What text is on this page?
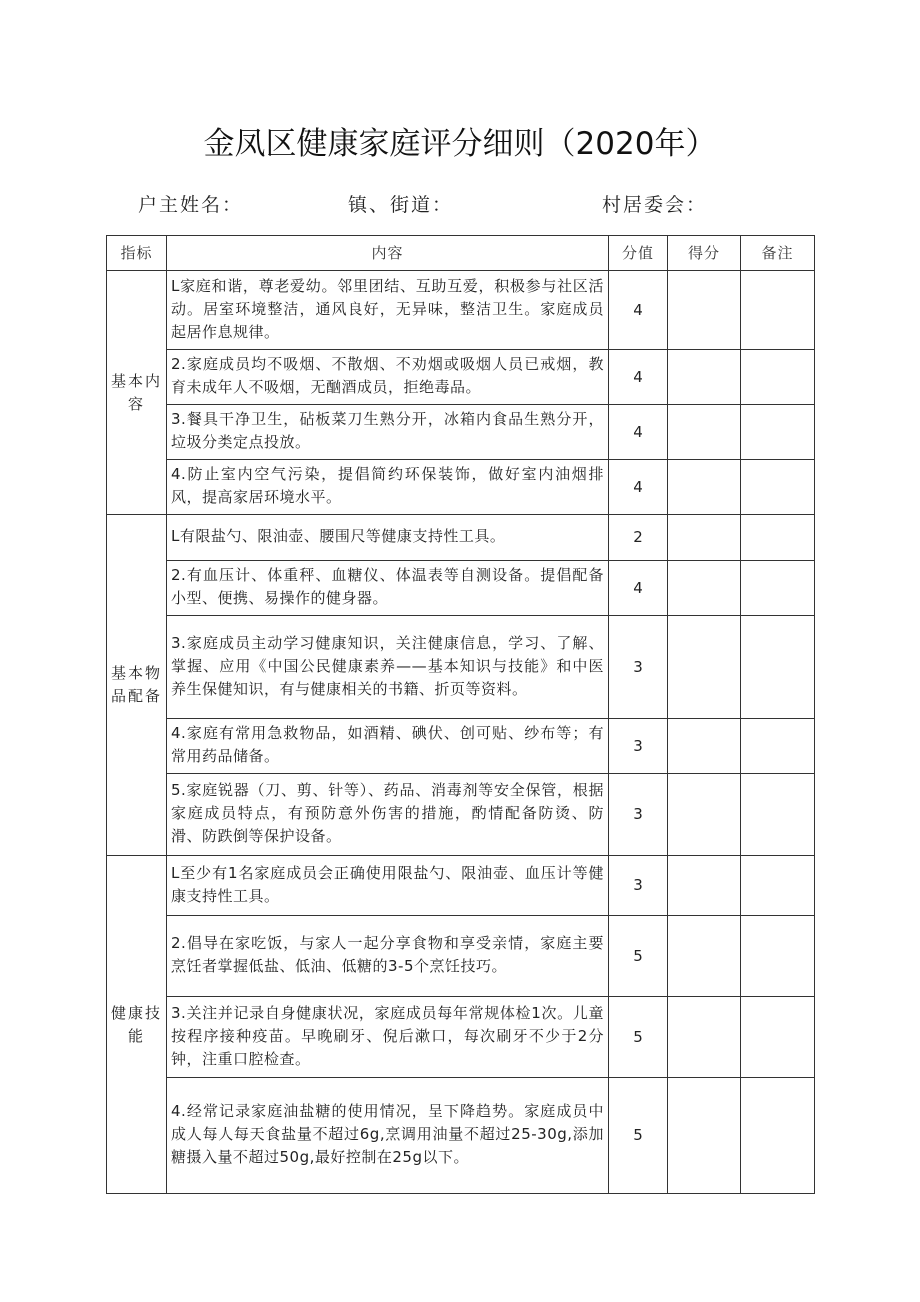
金凤区健康家庭评分细则（2020年）
户主姓名：	镇、街道：	村居委会：
指标	内容	分值	得分	备注
基本内容	L家庭和谐，尊老爱幼。邻里团结、互助互爱，积极参与社区活动。居室环境整洁，通风良好，无异味，整洁卫生。家庭成员起居作息规律。	4		
	2.家庭成员均不吸烟、不散烟、不劝烟或吸烟人员已戒烟，教育未成年人不吸烟，无酗酒成员，拒绝毒品。	4		
	3.餐具干净卫生，砧板菜刀生熟分开，冰箱内食品生熟分开，垃圾分类定点投放。	4		
	4.防止室内空气污染，提倡简约环保装饰，做好室内油烟排风，提高家居环境水平。	4		
基本物品配备	L有限盐勺、限油壶、腰围尺等健康支持性工具。	2		
	2.有血压计、体重秤、血糖仪、体温表等自测设备。提倡配备小型、便携、易操作的健身器。	4		
	3.家庭成员主动学习健康知识，关注健康信息，学习、了解、掌握、应用《中国公民健康素养——基本知识与技能》和中医养生保健知识，有与健康相关的书籍、折页等资料。	3		
	4.家庭有常用急救物品，如酒精、碘伏、创可贴、纱布等；有常用药品储备。	3		
	5.家庭锐器（刀、剪、针等）、药品、消毒剂等安全保管，根据家庭成员特点，有预防意外伤害的措施，酌情配备防烫、防滑、防跌倒等保护设备。	3		
健康技能	L至少有1名家庭成员会正确使用限盐勺、限油壶、血压计等健康支持性工具。	3		
	2.倡导在家吃饭，与家人一起分享食物和享受亲情，家庭主要烹饪者掌握低盐、低油、低糖的3-5个烹饪技巧。	5		
	3.关注并记录自身健康状况，家庭成员每年常规体检1次。儿童按程序接种疫苗。早晚刷牙、倪后漱口，每次刷牙不少于2分钟，注重口腔检查。	5		
	4.经常记录家庭油盐糖的使用情况，呈下降趋势。家庭成员中成人每人每天食盐量不超过6g,烹调用油量不超过25-30g,添加糖摄入量不超过50g,最好控制在25g以下。	5		
